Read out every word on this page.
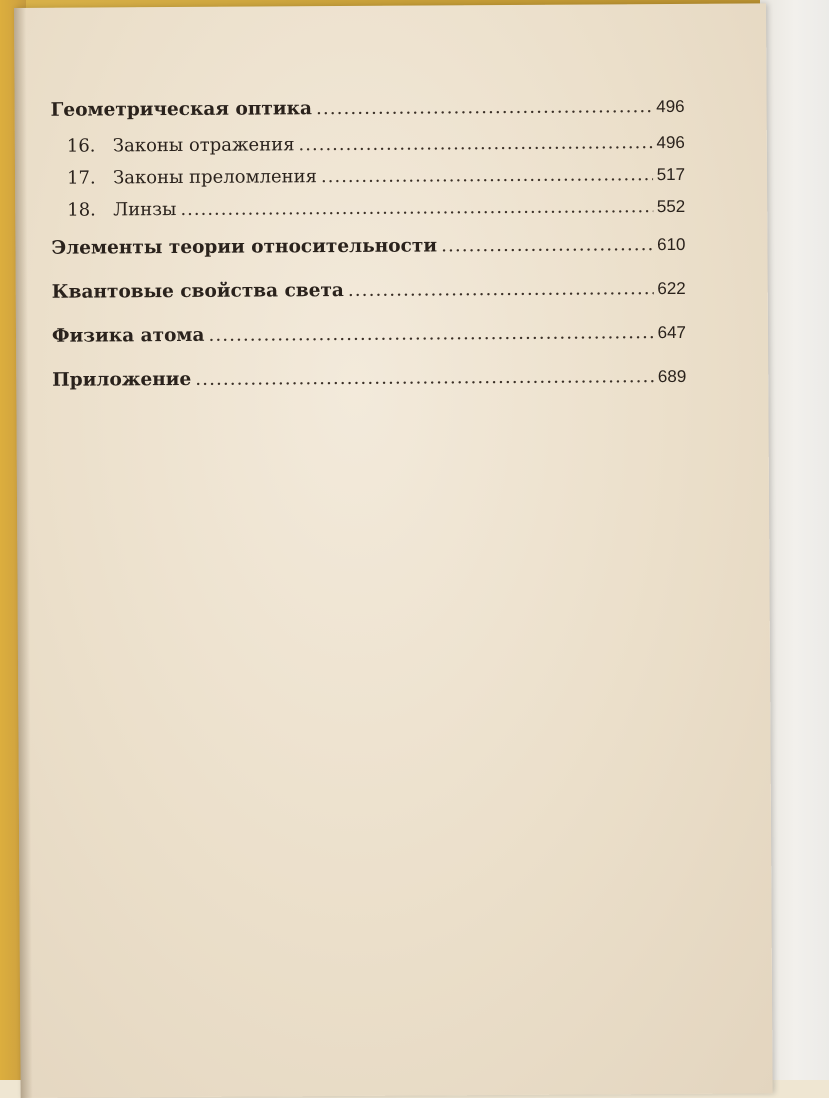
Геометрическая оптика .....	496
16. Законы отражения .....	496
17. Законы преломления .....	517
18. Линзы .....	552
Элементы теории относительности .....	610
Квантовые свойства света .....	622
Физика атома .....	647
Приложение .....	689
